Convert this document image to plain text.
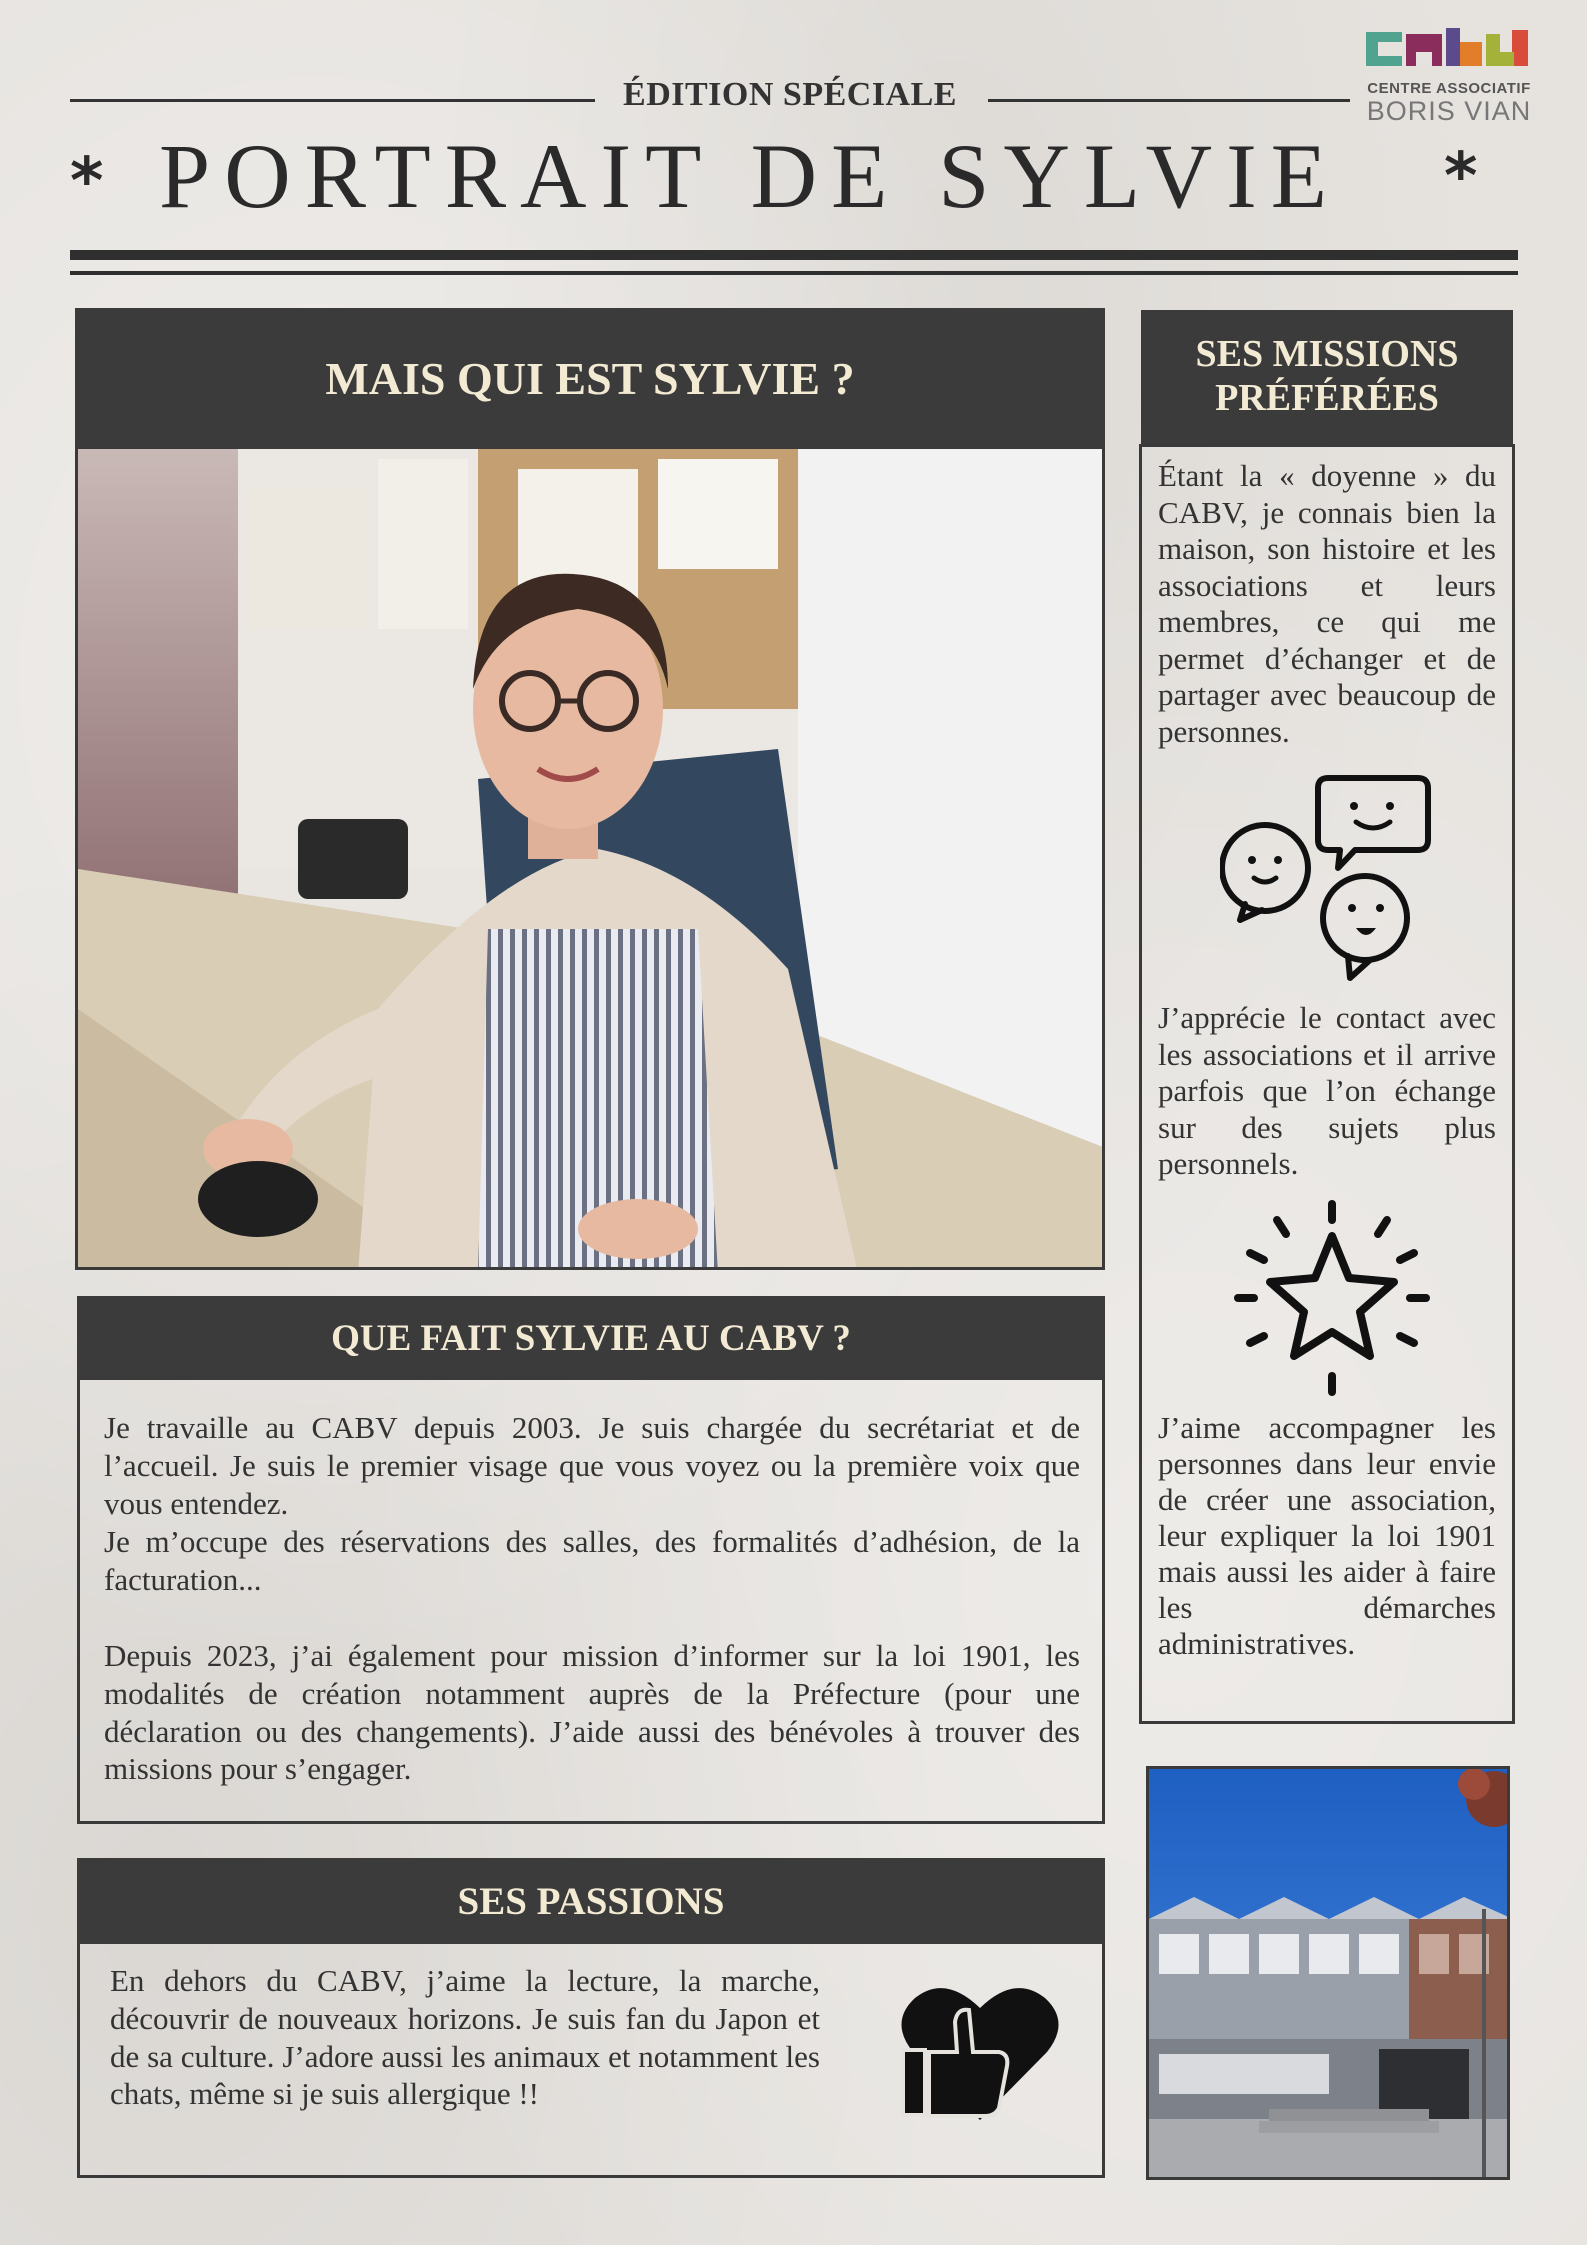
ÉDITION SPÉCIALE
* PORTRAIT DE SYLVIE *
CENTRE ASSOCIATIF
BORIS VIAN
MAIS QUI EST SYLVIE ?
QUE FAIT SYLVIE AU CABV ?
Je travaille au CABV depuis 2003. Je suis chargée du secrétariat et de l’accueil. Je suis le premier visage que vous voyez ou la première voix que vous entendez.
Je m’occupe des réservations des salles, des formalités d’adhésion, de la facturation...
Depuis 2023, j’ai également pour mission d’informer sur la loi 1901, les modalités de création notamment auprès de la Préfecture (pour une déclaration ou des changements). J’aide aussi des bénévoles à trouver des missions pour s’engager.
SES PASSIONS
En dehors du CABV, j’aime la lecture, la marche, découvrir de nouveaux horizons. Je suis fan du Japon et de sa culture. J’adore aussi les animaux et notamment les chats, même si je suis allergique !!
SES MISSIONS
PRÉFÉRÉES
Étant la « doyenne » du CABV, je connais bien la maison, son histoire et les associations et leurs membres, ce qui me permet d’échanger et de partager avec beaucoup de personnes.
J’apprécie le contact avec les associations et il arrive parfois que l’on échange sur des sujets plus personnels.
J’aime accompagner les personnes dans leur envie de créer une association, leur expliquer la loi 1901 mais aussi les aider à faire les démarches administratives.
